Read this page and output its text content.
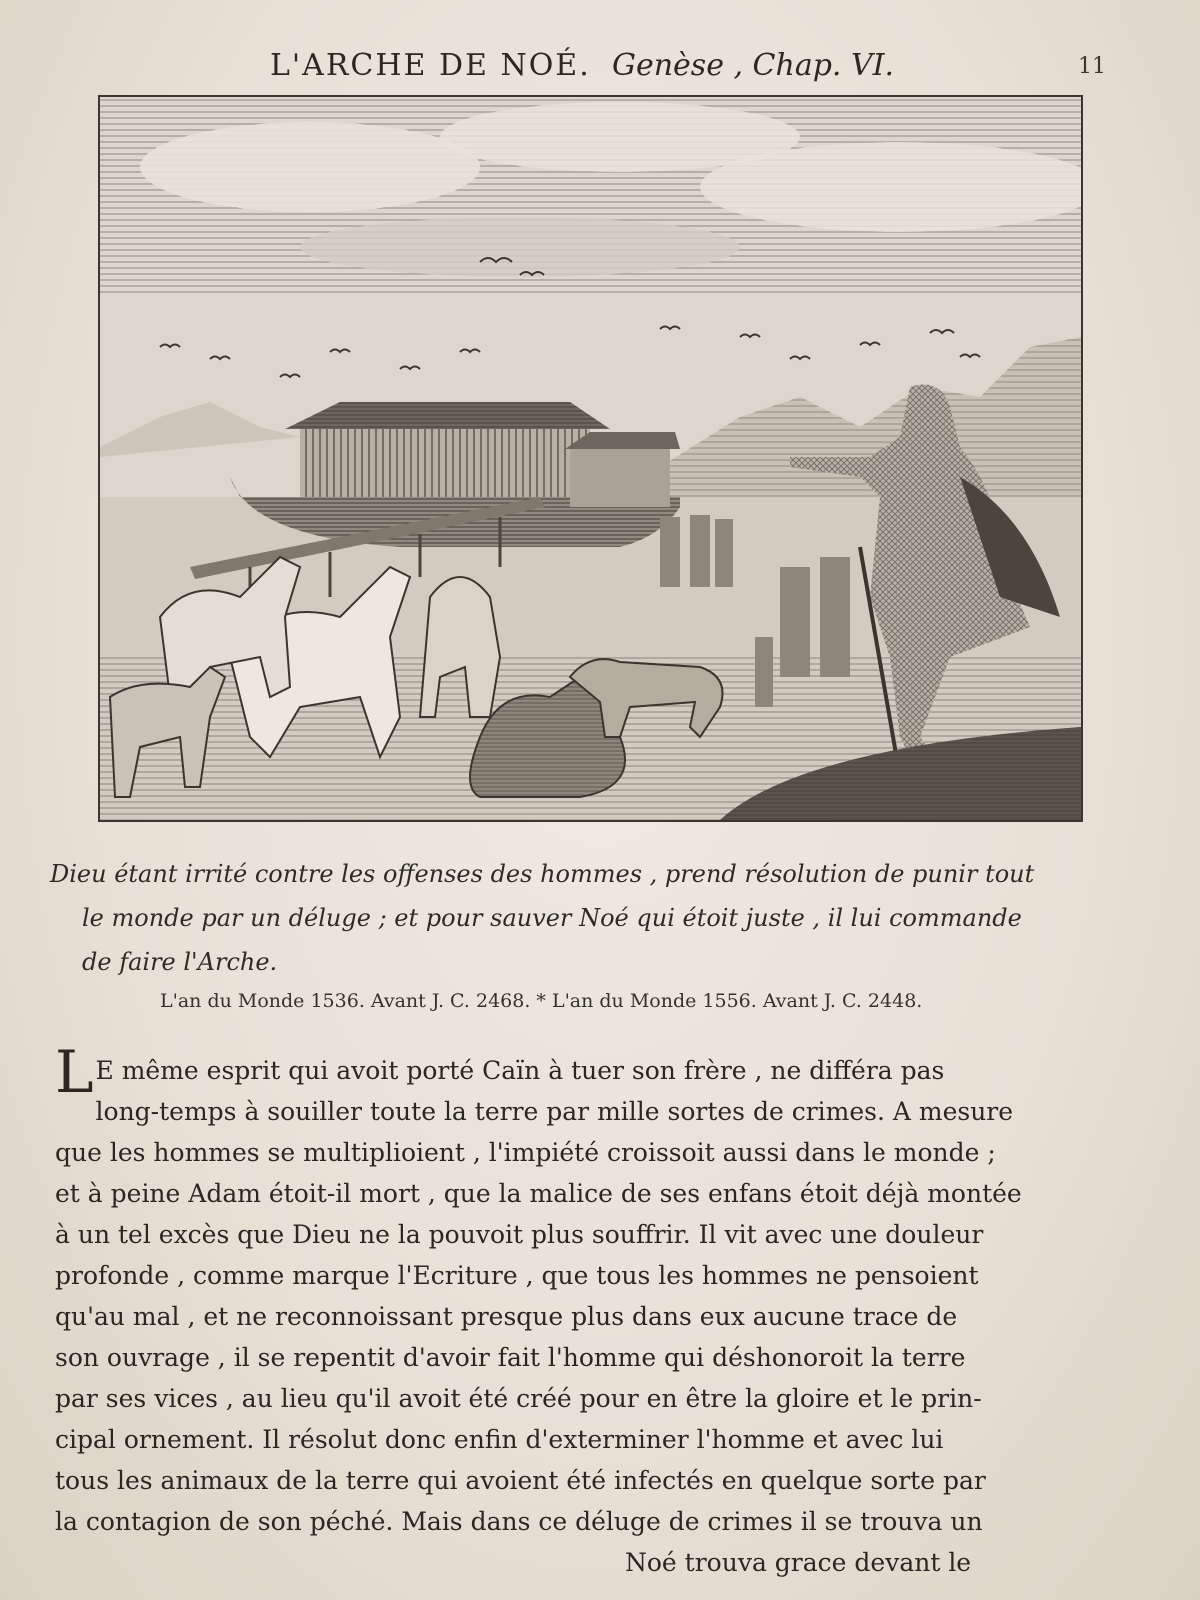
L'ARCHE DE NOÉ. Genèse , Chap. VI.	11
Dieu étant irrité contre les offenses des hommes , prend résolution de punir tout
le monde par un déluge ; et pour sauver Noé qui étoit juste , il lui commande
de faire l'Arche.
L'an du Monde 1536. Avant J. C. 2468. * L'an du Monde 1556. Avant J. C. 2448.
L E même esprit qui avoit porté Caïn à tuer son frère , ne différa pas
long-temps à souiller toute la terre par mille sortes de crimes. A mesure
que les hommes se multiplioient , l'impiété croissoit aussi dans le monde ;
et à peine Adam étoit-il mort , que la malice de ses enfans étoit déjà montée
à un tel excès que Dieu ne la pouvoit plus souffrir. Il vit avec une douleur
profonde , comme marque l'Ecriture , que tous les hommes ne pensoient
qu'au mal , et ne reconnoissant presque plus dans eux aucune trace de
son ouvrage , il se repentit d'avoir fait l'homme qui déshonoroit la terre
par ses vices , au lieu qu'il avoit été créé pour en être la gloire et le prin-
cipal ornement. Il résolut donc enfin d'exterminer l'homme et avec lui
tous les animaux de la terre qui avoient été infectés en quelque sorte par
la contagion de son péché. Mais dans ce déluge de crimes il se trouva un
Noé trouva grace devant le
